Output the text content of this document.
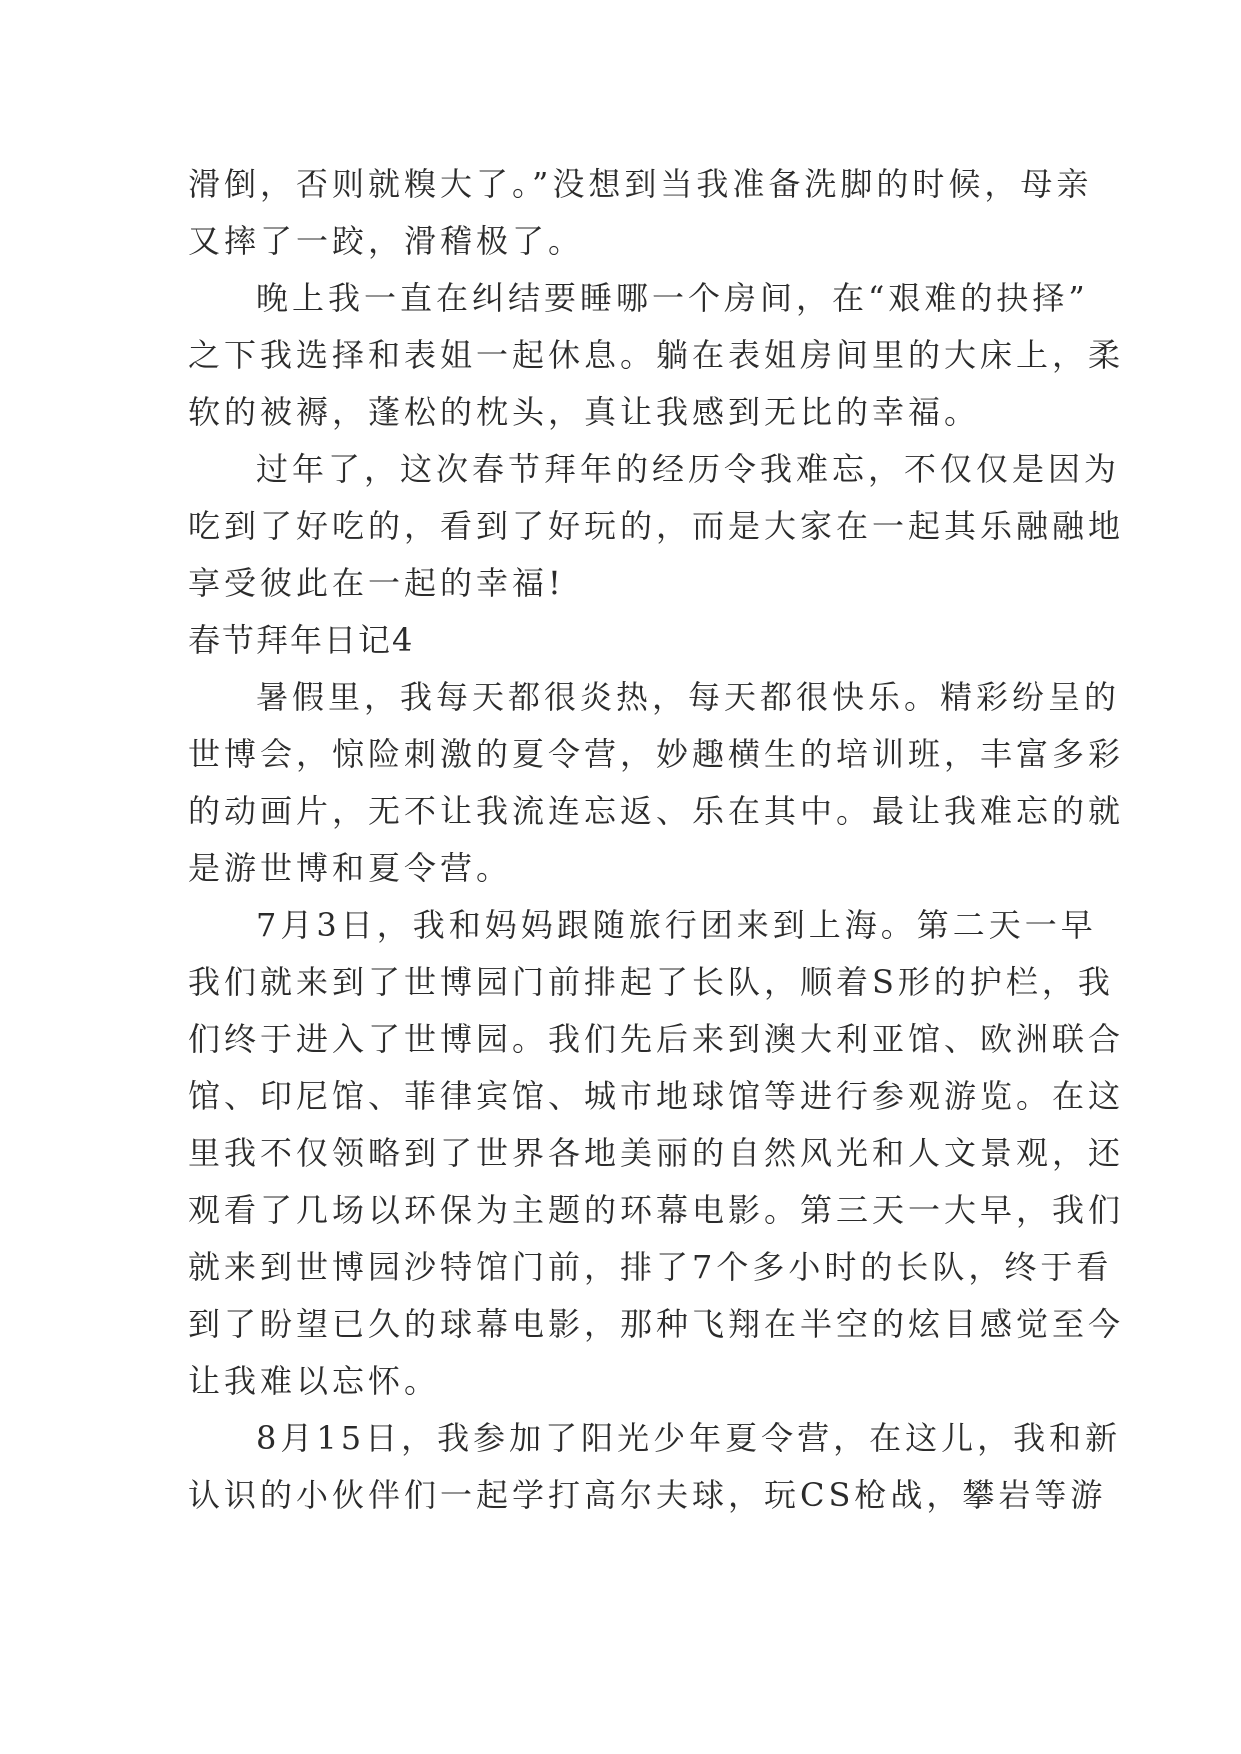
滑倒，否则就糗大了。”没想到当我准备洗脚的时候，母亲
又摔了一跤，滑稽极了。
晚上我一直在纠结要睡哪一个房间，在“艰难的抉择”
之下我选择和表姐一起休息。躺在表姐房间里的大床上，柔
软的被褥，蓬松的枕头，真让我感到无比的幸福。
过年了，这次春节拜年的经历令我难忘，不仅仅是因为
吃到了好吃的，看到了好玩的，而是大家在一起其乐融融地
享受彼此在一起的幸福!
春节拜年日记4
暑假里，我每天都很炎热，每天都很快乐。精彩纷呈的
世博会，惊险刺激的夏令营，妙趣横生的培训班，丰富多彩
的动画片，无不让我流连忘返、乐在其中。最让我难忘的就
是游世博和夏令营。
7月3日，我和妈妈跟随旅行团来到上海。第二天一早
我们就来到了世博园门前排起了长队，顺着S形的护栏，我
们终于进入了世博园。我们先后来到澳大利亚馆、欧洲联合
馆、印尼馆、菲律宾馆、城市地球馆等进行参观游览。在这
里我不仅领略到了世界各地美丽的自然风光和人文景观，还
观看了几场以环保为主题的环幕电影。第三天一大早，我们
就来到世博园沙特馆门前，排了7个多小时的长队，终于看
到了盼望已久的球幕电影，那种飞翔在半空的炫目感觉至今
让我难以忘怀。
8月15日，我参加了阳光少年夏令营，在这儿，我和新
认识的小伙伴们一起学打高尔夫球，玩CS枪战，攀岩等游
